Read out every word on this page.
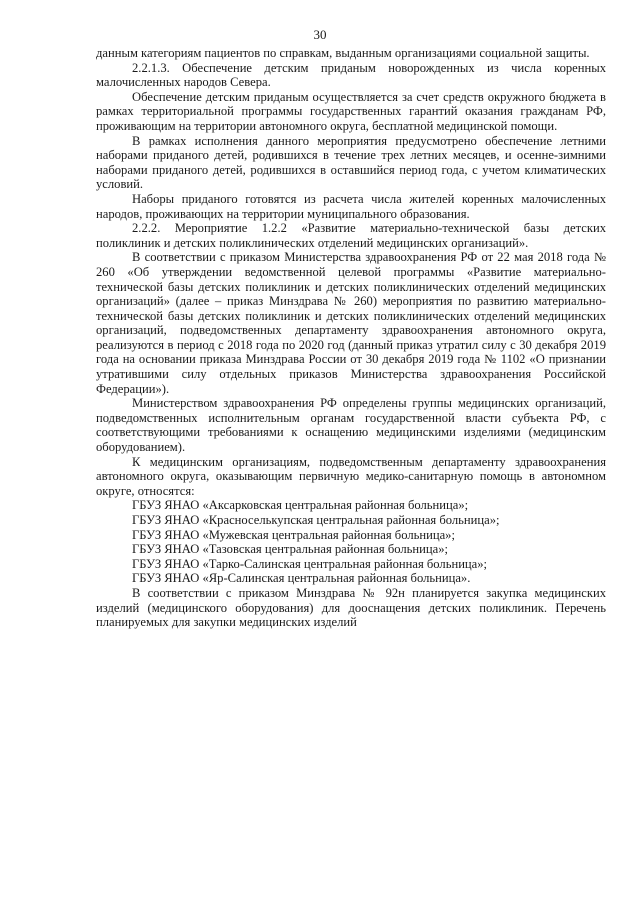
30

данным категориям пациентов по справкам, выданным организациями социальной защиты.

2.2.1.3. Обеспечение детским приданым новорожденных из числа коренных малочисленных народов Севера.

Обеспечение детским приданым осуществляется за счет средств окружного бюджета в рамках территориальной программы государственных гарантий оказания гражданам РФ, проживающим на территории автономного округа, бесплатной медицинской помощи.

В рамках исполнения данного мероприятия предусмотрено обеспечение летними наборами приданого детей, родившихся в течение трех летних месяцев, и осенне-зимними наборами приданого детей, родившихся в оставшийся период года, с учетом климатических условий.

Наборы приданого готовятся из расчета числа жителей коренных малочисленных народов, проживающих на территории муниципального образования.

2.2.2. Мероприятие 1.2.2 «Развитие материально-технической базы детских поликлиник и детских поликлинических отделений медицинских организаций».

В соответствии с приказом Министерства здравоохранения РФ от 22 мая 2018 года № 260 «Об утверждении ведомственной целевой программы «Развитие материально-технической базы детских поликлиник и детских поликлинических отделений медицинских организаций» (далее – приказ Минздрава № 260) мероприятия по развитию материально-технической базы детских поликлиник и детских поликлинических отделений медицинских организаций, подведомственных департаменту здравоохранения автономного округа, реализуются в период с 2018 года по 2020 год (данный приказ утратил силу с 30 декабря 2019 года на основании приказа Минздрава России от 30 декабря 2019 года № 1102 «О признании утратившими силу отдельных приказов Министерства здравоохранения Российской Федерации»).

Министерством здравоохранения РФ определены группы медицинских организаций, подведомственных исполнительным органам государственной власти субъекта РФ, с соответствующими требованиями к оснащению медицинскими изделиями (медицинским оборудованием).

К медицинским организациям, подведомственным департаменту здравоохранения автономного округа, оказывающим первичную медико-санитарную помощь в автономном округе, относятся:

ГБУЗ ЯНАО «Аксарковская центральная районная больница»;

ГБУЗ ЯНАО «Красноселькупская центральная районная больница»;

ГБУЗ ЯНАО «Мужевская центральная районная больница»;

ГБУЗ ЯНАО «Тазовская центральная районная больница»;

ГБУЗ ЯНАО «Тарко-Салинская центральная районная больница»;

ГБУЗ ЯНАО «Яр-Салинская центральная районная больница».

В соответствии с приказом Минздрава № 92н планируется закупка медицинских изделий (медицинского оборудования) для дооснащения детских поликлиник. Перечень планируемых для закупки медицинских изделий
